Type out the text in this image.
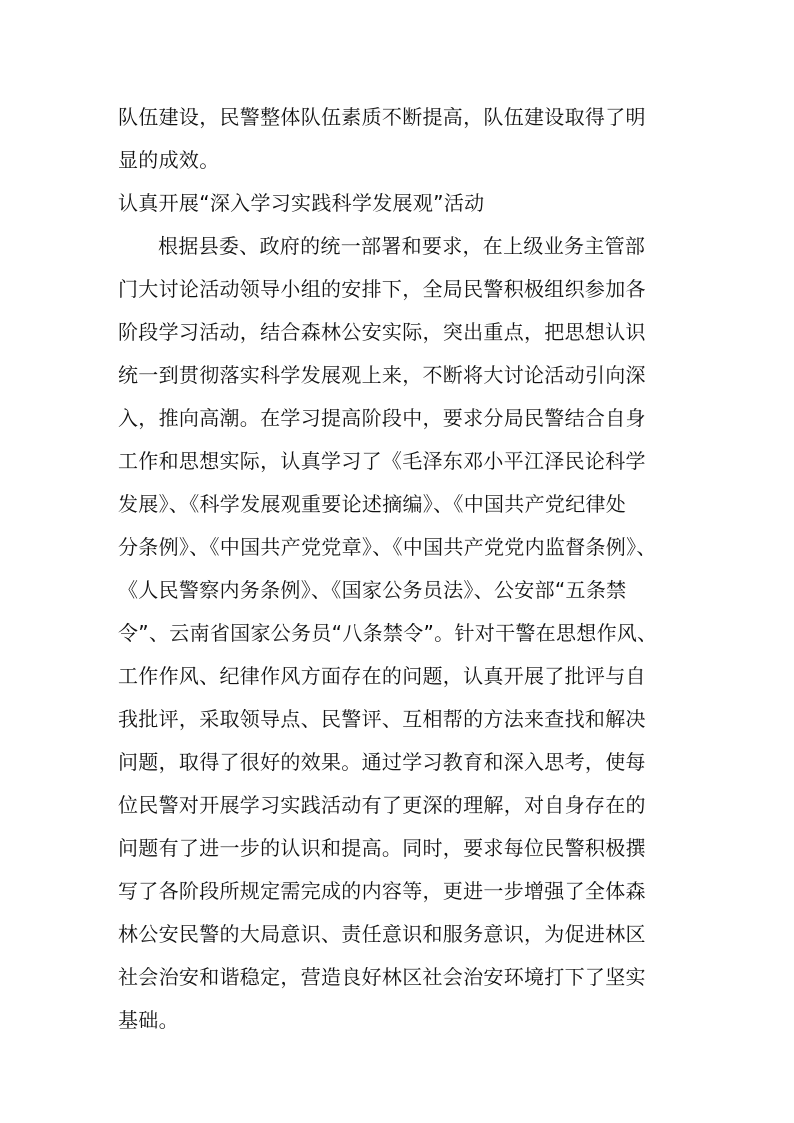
队伍建设，民警整体队伍素质不断提高，队伍建设取得了明
显的成效。
认真开展“深入学习实践科学发展观”活动
根据县委、政府的统一部署和要求，在上级业务主管部
门大讨论活动领导小组的安排下，全局民警积极组织参加各
阶段学习活动，结合森林公安实际，突出重点，把思想认识
统一到贯彻落实科学发展观上来，不断将大讨论活动引向深
入，推向高潮。在学习提高阶段中，要求分局民警结合自身
工作和思想实际，认真学习了《毛泽东邓小平江泽民论科学
发展》、《科学发展观重要论述摘编》、《中国共产党纪律处
分条例》、《中国共产党党章》、《中国共产党党内监督条例》、
《人民警察内务条例》、《国家公务员法》、公安部“五条禁
令”、云南省国家公务员“八条禁令”。针对干警在思想作风、
工作作风、纪律作风方面存在的问题，认真开展了批评与自
我批评，采取领导点、民警评、互相帮的方法来查找和解决
问题，取得了很好的效果。通过学习教育和深入思考，使每
位民警对开展学习实践活动有了更深的理解，对自身存在的
问题有了进一步的认识和提高。同时，要求每位民警积极撰
写了各阶段所规定需完成的内容等，更进一步增强了全体森
林公安民警的大局意识、责任意识和服务意识，为促进林区
社会治安和谐稳定，营造良好林区社会治安环境打下了坚实
基础。
